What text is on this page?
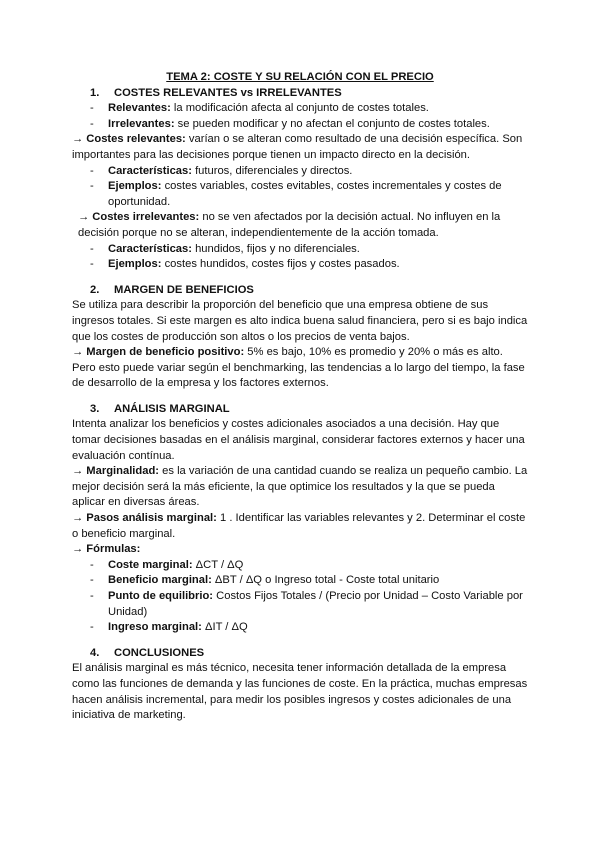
TEMA 2: COSTE Y SU RELACIÓN CON EL PRECIO

1. COSTES RELEVANTES vs IRRELEVANTES

- Relevantes: la modificación afecta al conjunto de costes totales.
- Irrelevantes: se pueden modificar y no afectan el conjunto de costes totales.

→ Costes relevantes: varían o se alteran como resultado de una decisión específica. Son importantes para las decisiones porque tienen un impacto directo en la decisión.

- Características: futuros, diferenciales y directos.
- Ejemplos: costes variables, costes evitables, costes incrementales y costes de oportunidad.

→ Costes irrelevantes: no se ven afectados por la decisión actual. No influyen en la decisión porque no se alteran, independientemente de la acción tomada.

- Características: hundidos, fijos y no diferenciales.
- Ejemplos: costes hundidos, costes fijos y costes pasados.

2. MARGEN DE BENEFICIOS

Se utiliza para describir la proporción del beneficio que una empresa obtiene de sus ingresos totales. Si este margen es alto indica buena salud financiera, pero si es bajo indica que los costes de producción son altos o los precios de venta bajos.

→ Margen de beneficio positivo: 5% es bajo, 10% es promedio y 20% o más es alto. Pero esto puede variar según el benchmarking, las tendencias a lo largo del tiempo, la fase de desarrollo de la empresa y los factores externos.

3. ANÁLISIS MARGINAL

Intenta analizar los beneficios y costes adicionales asociados a una decisión. Hay que tomar decisiones basadas en el análisis marginal, considerar factores externos y hacer una evaluación contínua.

→ Marginalidad: es la variación de una cantidad cuando se realiza un pequeño cambio. La mejor decisión será la más eficiente, la que optimice los resultados y la que se pueda aplicar en diversas áreas.

→ Pasos análisis marginal: 1 . Identificar las variables relevantes y 2. Determinar el coste o beneficio marginal.

→ Fórmulas:

- Coste marginal: ΔCT / ΔQ
- Beneficio marginal: ΔBT / ΔQ o Ingreso total - Coste total unitario
- Punto de equilibrio: Costos Fijos Totales / (Precio por Unidad – Costo Variable por Unidad)
- Ingreso marginal: ΔIT / ΔQ

4. CONCLUSIONES

El análisis marginal es más técnico, necesita tener información detallada de la empresa como las funciones de demanda y las funciones de coste. En la práctica, muchas empresas hacen análisis incremental, para medir los posibles ingresos y costes adicionales de una iniciativa de marketing.
